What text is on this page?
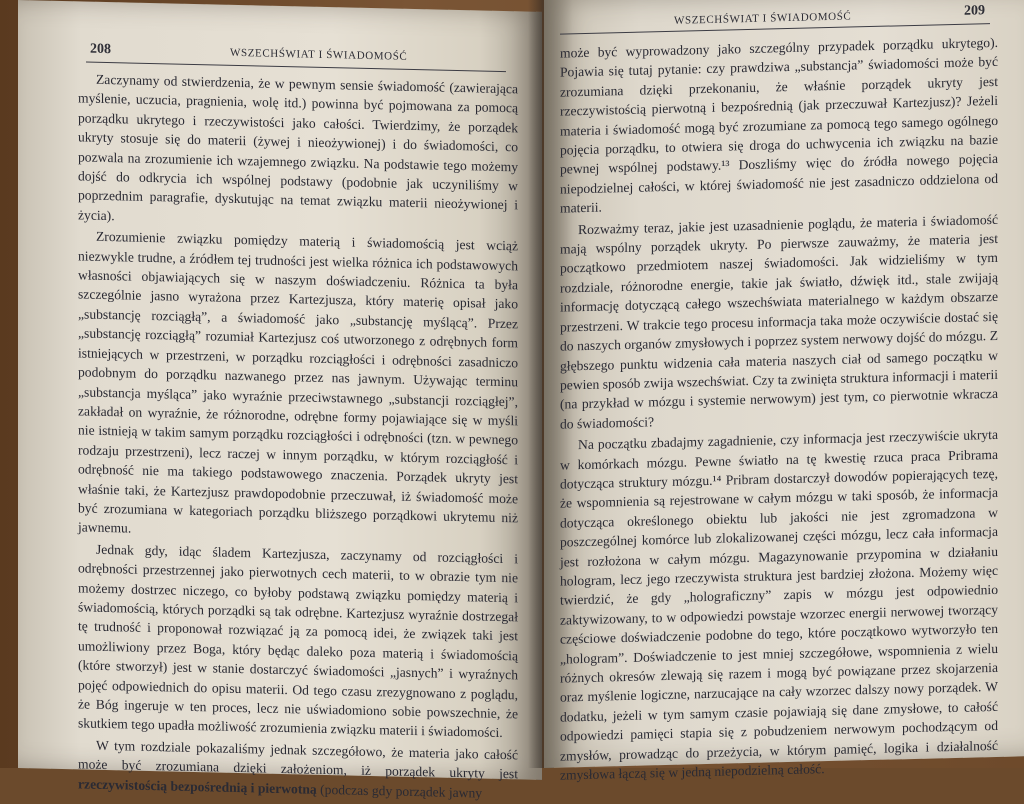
208	WSZECHŚWIAT I ŚWIADOMOŚĆ

Zaczynamy od stwierdzenia, że w pewnym sensie świadomość (zawierająca myślenie, uczucia, pragnienia, wolę itd.) powinna być pojmowana za pomocą porządku ukrytego i rzeczywistości jako całości. Twierdzimy, że porządek ukryty stosuje się do materii (żywej i nieożywionej) i do świadomości, co pozwala na zrozumienie ich wzajemnego związku. Na podstawie tego możemy dojść do odkrycia ich wspólnej podstawy (podobnie jak uczyniliśmy w poprzednim paragrafie, dyskutując na temat związku materii nieożywionej i życia).

Zrozumienie związku pomiędzy materią i świadomością jest wciąż niezwykle trudne, a źródłem tej trudności jest wielka różnica ich podstawowych własności objawiających się w naszym doświadczeniu. Różnica ta była szczególnie jasno wyrażona przez Kartezjusza, który materię opisał jako „substancję rozciągłą”, a świadomość jako „substancję myślącą”. Przez „substancję rozciągłą” rozumiał Kartezjusz coś utworzonego z odrębnych form istniejących w przestrzeni, w porządku rozciągłości i odrębności zasadniczo podobnym do porządku nazwanego przez nas jawnym. Używając terminu „substancja myśląca” jako wyraźnie przeciwstawnego „substancji rozciągłej”, zakładał on wyraźnie, że różnorodne, odrębne formy pojawiające się w myśli nie istnieją w takim samym porządku rozciągłości i odrębności (tzn. w pewnego rodzaju przestrzeni), lecz raczej w innym porządku, w którym rozciągłość i odrębność nie ma takiego podstawowego znaczenia. Porządek ukryty jest właśnie taki, że Kartezjusz prawdopodobnie przeczuwał, iż świadomość może być zrozumiana w kategoriach porządku bliższego porządkowi ukrytemu niż jawnemu.

Jednak gdy, idąc śladem Kartezjusza, zaczynamy od rozciągłości i odrębności przestrzennej jako pierwotnych cech materii, to w obrazie tym nie możemy dostrzec niczego, co byłoby podstawą związku pomiędzy materią i świadomością, których porządki są tak odrębne. Kartezjusz wyraźnie dostrzegał tę trudność i proponował rozwiązać ją za pomocą idei, że związek taki jest umożliwiony przez Boga, który będąc daleko poza materią i świadomością (które stworzył) jest w stanie dostarczyć świadomości „jasnych” i wyraźnych pojęć odpowiednich do opisu materii. Od tego czasu zrezygnowano z poglądu, że Bóg ingeruje w ten proces, lecz nie uświadomiono sobie powszechnie, że skutkiem tego upadła możliwość zrozumienia związku materii i świadomości.

W tym rozdziale pokazaliśmy jednak szczegółowo, że materia jako całość może być zrozumiana dzięki założeniom, iż porządek ukryty jest rzeczywistością bezpośrednią i pierwotną (podczas gdy porządek jawny

WSZECHŚWIAT I ŚWIADOMOŚĆ	209

może być wyprowadzony jako szczególny przypadek porządku ukrytego). Pojawia się tutaj pytanie: czy prawdziwa „substancja” świadomości może być zrozumiana dzięki przekonaniu, że właśnie porządek ukryty jest rzeczywistością pierwotną i bezpośrednią (jak przeczuwał Kartezjusz)? Jeżeli materia i świadomość mogą być zrozumiane za pomocą tego samego ogólnego pojęcia porządku, to otwiera się droga do uchwycenia ich związku na bazie pewnej wspólnej podstawy.¹³ Doszliśmy więc do źródła nowego pojęcia niepodzielnej całości, w której świadomość nie jest zasadniczo oddzielona od materii.

Rozważmy teraz, jakie jest uzasadnienie poglądu, że materia i świadomość mają wspólny porządek ukryty. Po pierwsze zauważmy, że materia jest początkowo przedmiotem naszej świadomości. Jak widzieliśmy w tym rozdziale, różnorodne energie, takie jak światło, dźwięk itd., stale zwijają informację dotyczącą całego wszechświata materialnego w każdym obszarze przestrzeni. W trakcie tego procesu informacja taka może oczywiście dostać się do naszych organów zmysłowych i poprzez system nerwowy dojść do mózgu. Z głębszego punktu widzenia cała materia naszych ciał od samego początku w pewien sposób zwija wszechświat. Czy ta zwinięta struktura informacji i materii (na przykład w mózgu i systemie nerwowym) jest tym, co pierwotnie wkracza do świadomości?

Na początku zbadajmy zagadnienie, czy informacja jest rzeczywiście ukryta w komórkach mózgu. Pewne światło na tę kwestię rzuca praca Pribrama dotycząca struktury mózgu.¹⁴ Pribram dostarczył dowodów popierających tezę, że wspomnienia są rejestrowane w całym mózgu w taki sposób, że informacja dotycząca określonego obiektu lub jakości nie jest zgromadzona w poszczególnej komórce lub zlokalizowanej części mózgu, lecz cała informacja jest rozłożona w całym mózgu. Magazynowanie przypomina w działaniu hologram, lecz jego rzeczywista struktura jest bardziej złożona. Możemy więc twierdzić, że gdy „holograficzny” zapis w mózgu jest odpowiednio zaktywizowany, to w odpowiedzi powstaje wzorzec energii nerwowej tworzący częściowe doświadczenie podobne do tego, które początkowo wytworzyło ten „hologram”. Doświadczenie to jest mniej szczegółowe, wspomnienia z wielu różnych okresów zlewają się razem i mogą być powiązane przez skojarzenia oraz myślenie logiczne, narzucające na cały wzorzec dalszy nowy porządek. W dodatku, jeżeli w tym samym czasie pojawiają się dane zmysłowe, to całość odpowiedzi pamięci stapia się z pobudzeniem nerwowym pochodzącym od zmysłów, prowadząc do przeżycia, w którym pamięć, logika i działalność zmysłowa łączą się w jedną niepodzielną całość.
